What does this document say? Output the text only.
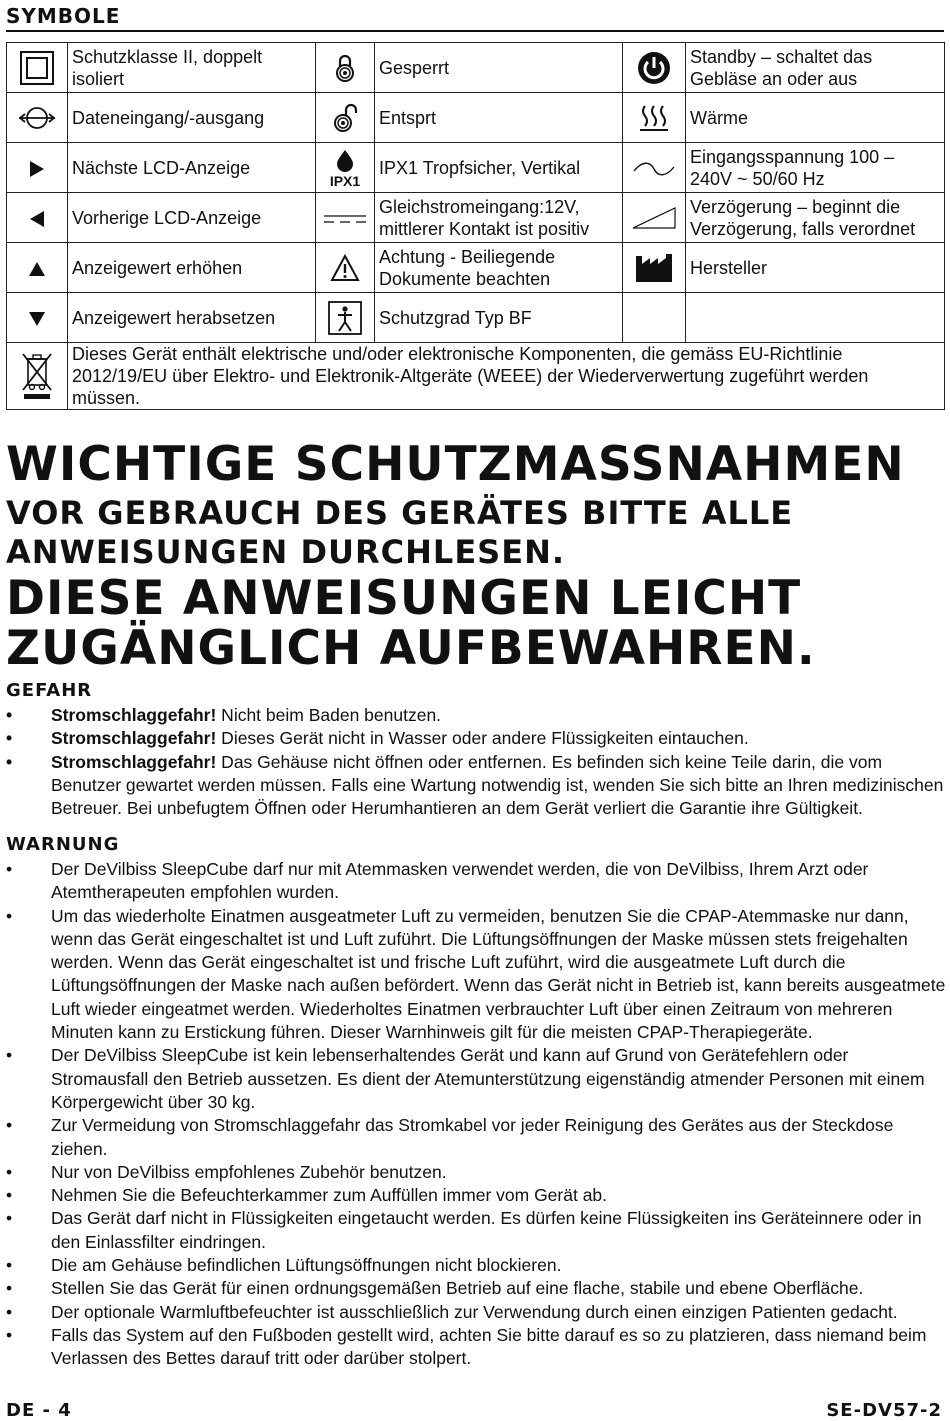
SYMBOLE
	Schutzklasse II, doppelt isoliert		Gesperrt		Standby – schaltet das Gebläse an oder aus

	Dateneingang/-ausgang		Entsprt		Wärme

	Nächste LCD-Anzeige	IPX1	IPX1 Tropfsicher, Vertikal		Eingangsspannung 100 – 240V ~ 50/60 Hz

	Vorherige LCD-Anzeige		Gleichstromeingang:12V, mittlerer Kontakt ist positiv		Verzögerung – beginnt die Verzögerung, falls verordnet

	Anzeigewert erhöhen		Achtung - Beiliegende Dokumente beachten		Hersteller

	Anzeigewert herabsetzen		Schutzgrad Typ BF		

	Dieses Gerät enthält elektrische und/oder elektronische Komponenten, die gemäss EU-Richtlinie 2012/19/EU über Elektro- und Elektronik-Altgeräte (WEEE) der Wiederverwertung zugeführt werden müssen.				
WICHTIGE SCHUTZMASSNAHMEN
VOR GEBRAUCH DES GERÄTES BITTE ALLE ANWEISUNGEN DURCHLESEN.
DIESE ANWEISUNGEN LEICHT ZUGÄNGLICH AUFBEWAHREN.
GEFAHR
• Stromschlaggefahr! Nicht beim Baden benutzen.
• Stromschlaggefahr! Dieses Gerät nicht in Wasser oder andere Flüssigkeiten eintauchen.
• Stromschlaggefahr! Das Gehäuse nicht öffnen oder entfernen. Es befinden sich keine Teile darin, die vom Benutzer gewartet werden müssen. Falls eine Wartung notwendig ist, wenden Sie sich bitte an Ihren medizinischen Betreuer. Bei unbefugtem Öffnen oder Herumhantieren an dem Gerät verliert die Garantie ihre Gültigkeit.
WARNUNG
• Der DeVilbiss SleepCube darf nur mit Atemmasken verwendet werden, die von DeVilbiss, Ihrem Arzt oder Atemtherapeuten empfohlen wurden.
• Um das wiederholte Einatmen ausgeatmeter Luft zu vermeiden, benutzen Sie die CPAP-Atemmaske nur dann, wenn das Gerät eingeschaltet ist und Luft zuführt. Die Lüftungsöffnungen der Maske müssen stets freigehalten werden. Wenn das Gerät eingeschaltet ist und frische Luft zuführt, wird die ausgeatmete Luft durch die Lüftungsöffnungen der Maske nach außen befördert. Wenn das Gerät nicht in Betrieb ist, kann bereits ausgeatmete Luft wieder eingeatmet werden. Wiederholtes Einatmen verbrauchter Luft über einen Zeitraum von mehreren Minuten kann zu Erstickung führen. Dieser Warnhinweis gilt für die meisten CPAP-Therapiegeräte.
• Der DeVilbiss SleepCube ist kein lebenserhaltendes Gerät und kann auf Grund von Gerätefehlern oder Stromausfall den Betrieb aussetzen. Es dient der Atemunterstützung eigenständig atmender Personen mit einem Körpergewicht über 30 kg.
• Zur Vermeidung von Stromschlaggefahr das Stromkabel vor jeder Reinigung des Gerätes aus der Steckdose ziehen.
• Nur von DeVilbiss empfohlenes Zubehör benutzen.
• Nehmen Sie die Befeuchterkammer zum Auffüllen immer vom Gerät ab.
• Das Gerät darf nicht in Flüssigkeiten eingetaucht werden. Es dürfen keine Flüssigkeiten ins Geräteinnere oder in den Einlassfilter eindringen.
• Die am Gehäuse befindlichen Lüftungsöffnungen nicht blockieren.
• Stellen Sie das Gerät für einen ordnungsgemäßen Betrieb auf eine flache, stabile und ebene Oberfläche.
• Der optionale Warmluftbefeuchter ist ausschließlich zur Verwendung durch einen einzigen Patienten gedacht.
• Falls das System auf den Fußboden gestellt wird, achten Sie bitte darauf es so zu platzieren, dass niemand beim Verlassen des Bettes darauf tritt oder darüber stolpert.
DE - 4	SE-DV57-2
